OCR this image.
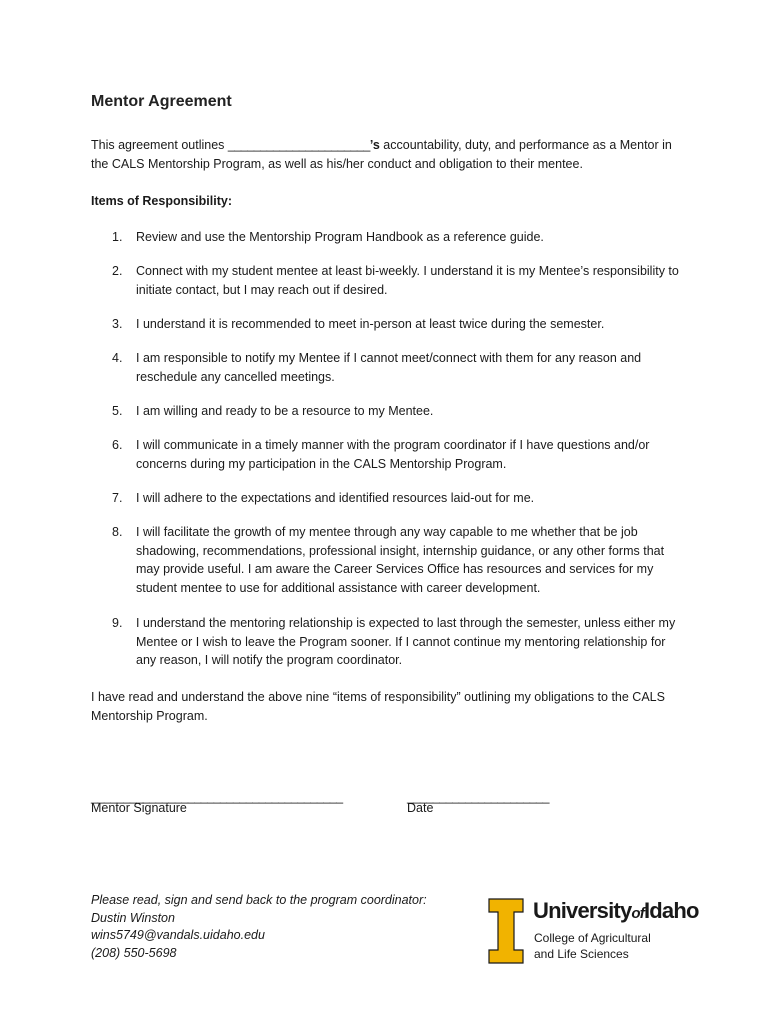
Mentor Agreement
This agreement outlines ______________________’s accountability, duty, and performance as a Mentor in the CALS Mentorship Program, as well as his/her conduct and obligation to their mentee.
Items of Responsibility:
1.	Review and use the Mentorship Program Handbook as a reference guide.
2.	Connect with my student mentee at least bi-weekly. I understand it is my Mentee’s responsibility to initiate contact, but I may reach out if desired.
3.	I understand it is recommended to meet in-person at least twice during the semester.
4.	I am responsible to notify my Mentee if I cannot meet/connect with them for any reason and reschedule any cancelled meetings.
5.	I am willing and ready to be a resource to my Mentee.
6.	I will communicate in a timely manner with the program coordinator if I have questions and/or concerns during my participation in the CALS Mentorship Program.
7.	I will adhere to the expectations and identified resources laid-out for me.
8.	I will facilitate the growth of my mentee through any way capable to me whether that be job shadowing, recommendations, professional insight, internship guidance, or any other forms that may provide useful. I am aware the Career Services Office has resources and services for my student mentee to use for additional assistance with career development.
9.	I understand the mentoring relationship is expected to last through the semester, unless either my Mentee or I wish to leave the Program sooner. If I cannot continue my mentoring relationship for any reason, I will notify the program coordinator.
I have read and understand the above nine “items of responsibility” outlining my obligations to the CALS Mentorship Program.
_______________________________________
Mentor Signature
______________________
Date
Please read, sign and send back to the program coordinator:
Dustin Winston
wins5749@vandals.uidaho.edu
(208) 550-5698
UniversityofIdaho
College of Agricultural
and Life Sciences
